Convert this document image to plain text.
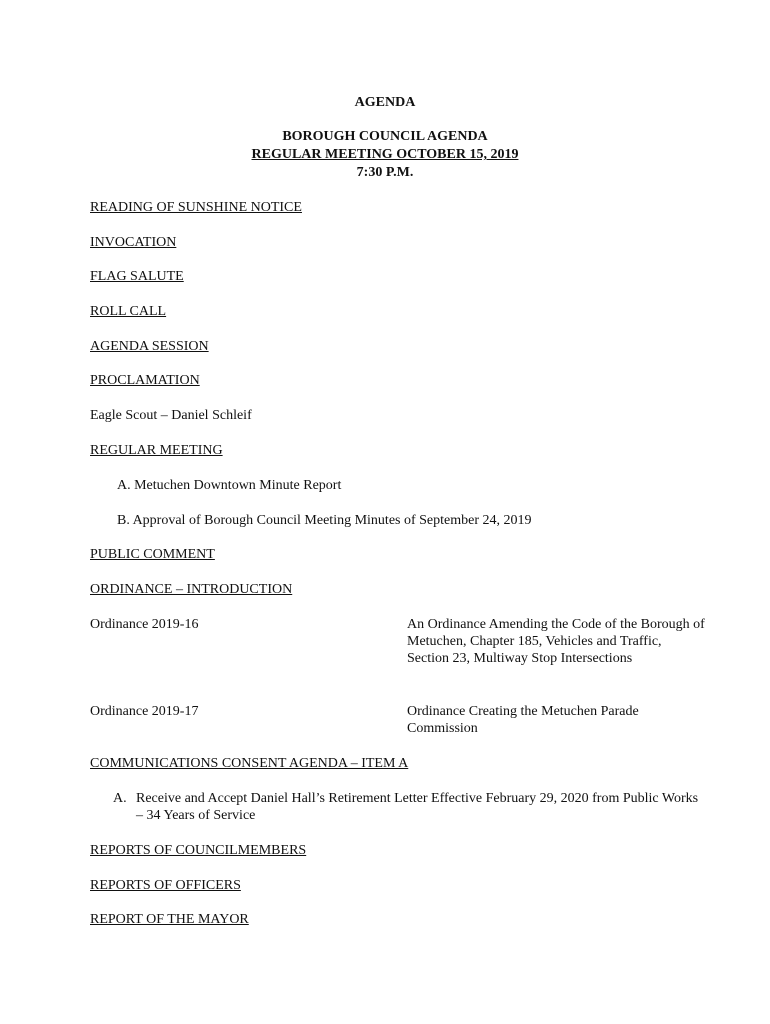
AGENDA
BOROUGH COUNCIL AGENDA
REGULAR MEETING OCTOBER 15, 2019
7:30 P.M.
READING OF SUNSHINE NOTICE
INVOCATION
FLAG SALUTE
ROLL CALL
AGENDA SESSION
PROCLAMATION
Eagle Scout – Daniel Schleif
REGULAR MEETING
A. Metuchen Downtown Minute Report
B. Approval of Borough Council Meeting Minutes of September 24, 2019
PUBLIC COMMENT
ORDINANCE – INTRODUCTION
Ordinance 2019-16	An Ordinance Amending the Code of the Borough of Metuchen, Chapter 185, Vehicles and Traffic, Section 23, Multiway Stop Intersections
Ordinance 2019-17	Ordinance Creating the Metuchen Parade Commission
COMMUNICATIONS CONSENT AGENDA – ITEM A
A. Receive and Accept Daniel Hall’s Retirement Letter Effective February 29, 2020 from Public Works – 34 Years of Service
REPORTS OF COUNCILMEMBERS
REPORTS OF OFFICERS
REPORT OF THE MAYOR
